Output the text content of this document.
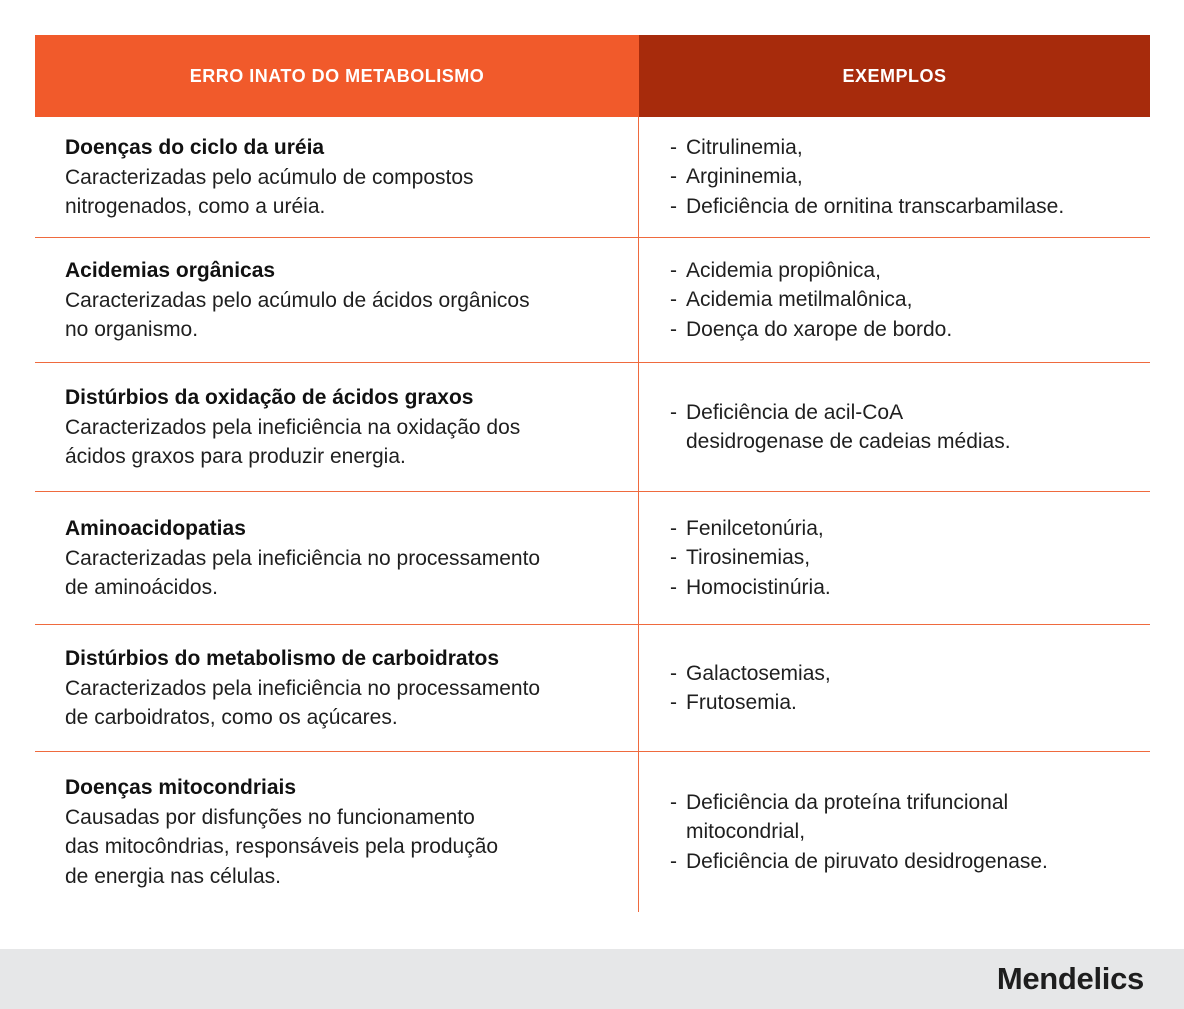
ERRO INATO DO METABOLISMO	EXEMPLOS
Doenças do ciclo da uréia
Caracterizadas pelo acúmulo de compostos
nitrogenados, como a uréia.
- Citrulinemia,
- Argininemia,
- Deficiência de ornitina transcarbamilase.
Acidemias orgânicas
Caracterizadas pelo acúmulo de ácidos orgânicos
no organismo.
- Acidemia propiônica,
- Acidemia metilmalônica,
- Doença do xarope de bordo.
Distúrbios da oxidação de ácidos graxos
Caracterizados pela ineficiência na oxidação dos
ácidos graxos para produzir energia.
- Deficiência de acil-CoA
desidrogenase de cadeias médias.
Aminoacidopatias
Caracterizadas pela ineficiência no processamento
de aminoácidos.
- Fenilcetonúria,
- Tirosinemias,
- Homocistinúria.
Distúrbios do metabolismo de carboidratos
Caracterizados pela ineficiência no processamento
de carboidratos, como os açúcares.
- Galactosemias,
- Frutosemia.
Doenças mitocondriais
Causadas por disfunções no funcionamento
das mitocôndrias, responsáveis pela produção
de energia nas células.
- Deficiência da proteína trifuncional
mitocondrial,
- Deficiência de piruvato desidrogenase.
Mendelics
